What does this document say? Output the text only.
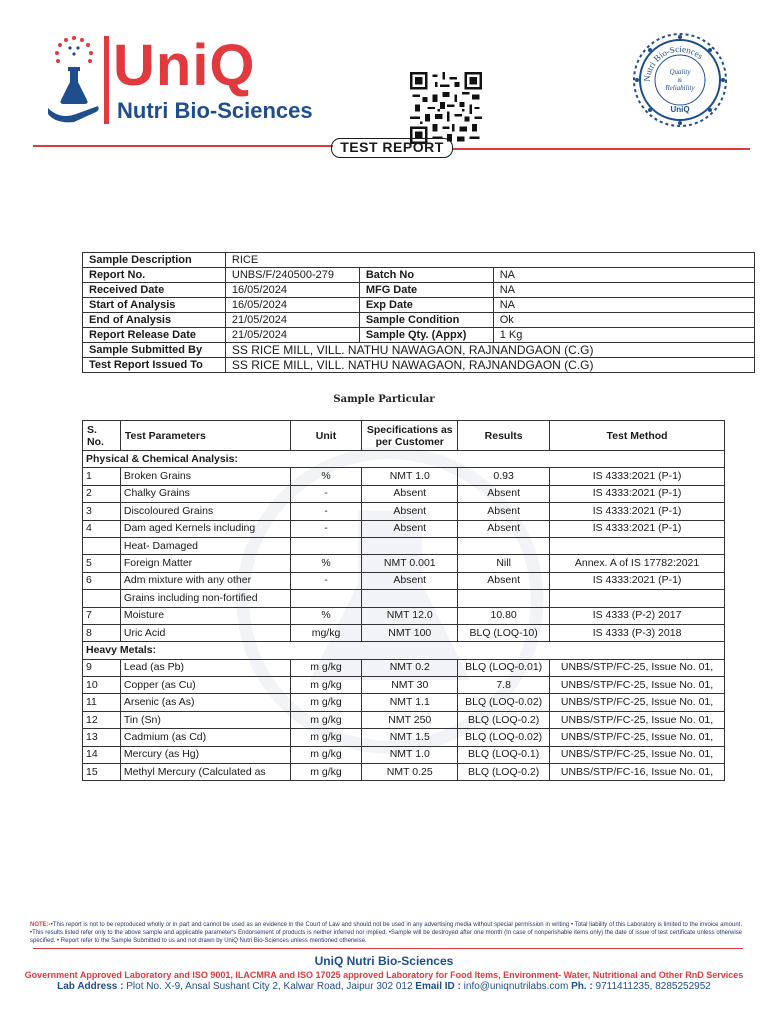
UniQ
Nutri Bio-Sciences
Nutri Bio-Sciences
Quality
&
Reliability
UniQ
TEST REPORT
Sample Description	RICE		
Report No.	UNBS/F/240500-279	Batch No	NA
Received Date	16/05/2024	MFG Date	NA
Start of Analysis	16/05/2024	Exp Date	NA
End of Analysis	21/05/2024	Sample Condition	Ok
Report Release Date	21/05/2024	Sample Qty. (Appx)	1 Kg
Sample Submitted By	SS RICE MILL, VILL. NATHU NAWAGAON, RAJNANDGAON (C.G)		
Test Report Issued To	SS RICE MILL, VILL. NATHU NAWAGAON, RAJNANDGAON (C.G)		
Sample Particular
S. No.	Test Parameters	Unit	Specifications as per Customer	Results	Test Method
Physical & Chemical Analysis:					
1	Broken Grains	%	NMT 1.0	0.93	IS 4333:2021 (P-1)
2	Chalky Grains	-	Absent	Absent	IS 4333:2021 (P-1)
3	Discoloured Grains	-	Absent	Absent	IS 4333:2021 (P-1)
4	Dam aged Kernels including	-	Absent	Absent	IS 4333:2021 (P-1)
	Heat- Damaged				
5	Foreign Matter	%	NMT 0.001	Nill	Annex. A of IS 17782:2021
6	Adm mixture with any other	-	Absent	Absent	IS 4333:2021 (P-1)
	Grains including non-fortified				
7	Moisture	%	NMT 12.0	10.80	IS 4333 (P-2) 2017
8	Uric Acid	mg/kg	NMT 100	BLQ (LOQ-10)	IS 4333 (P-3) 2018
Heavy Metals:					
9	Lead (as Pb)	m g/kg	NMT 0.2	BLQ (LOQ-0.01)	UNBS/STP/FC-25, Issue No. 01,
10	Copper (as Cu)	m g/kg	NMT 30	7.8	UNBS/STP/FC-25, Issue No. 01,
11	Arsenic (as As)	m g/kg	NMT 1.1	BLQ (LOQ-0.02)	UNBS/STP/FC-25, Issue No. 01,
12	Tin (Sn)	m g/kg	NMT 250	BLQ (LOQ-0.2)	UNBS/STP/FC-25, Issue No. 01,
13	Cadmium (as Cd)	m g/kg	NMT 1.5	BLQ (LOQ-0.02)	UNBS/STP/FC-25, Issue No. 01,
14	Mercury (as Hg)	m g/kg	NMT 1.0	BLQ (LOQ-0.1)	UNBS/STP/FC-25, Issue No. 01,
15	Methyl Mercury (Calculated as	m g/kg	NMT 0.25	BLQ (LOQ-0.2)	UNBS/STP/FC-16, Issue No. 01,
NOTE:-•This report is not to be reproduced wholly or in part and cannot be used as an evidence in the Court of Law and should not be used in any advertising media without special permission in writing • Total liability of this Laboratory is limited to the invoice amount. •This results listed refer only to the above sample and applicable parameter's Endorsement of products is neither inferred nor implied. •Sample will be destroyed after one month (In case of nonperishable items only) the date of issue of test certificate unless otherwise specified. • Report refer to the Sample Submitted to us and not drawn by UniQ Nutri Bio-Sciences unless mentioned otherwise.
UniQ Nutri Bio-Sciences
Government Approved Laboratory and ISO 9001, ILACMRA and ISO 17025 approved Laboratory for Food Items, Environment- Water, Nutritional and Other RnD Services
Lab Address : Plot No. X-9, Ansal Sushant City 2, Kalwar Road, Jaipur 302 012 Email ID : info@uniqnutrilabs.com Ph. : 9711411235, 8285252952
